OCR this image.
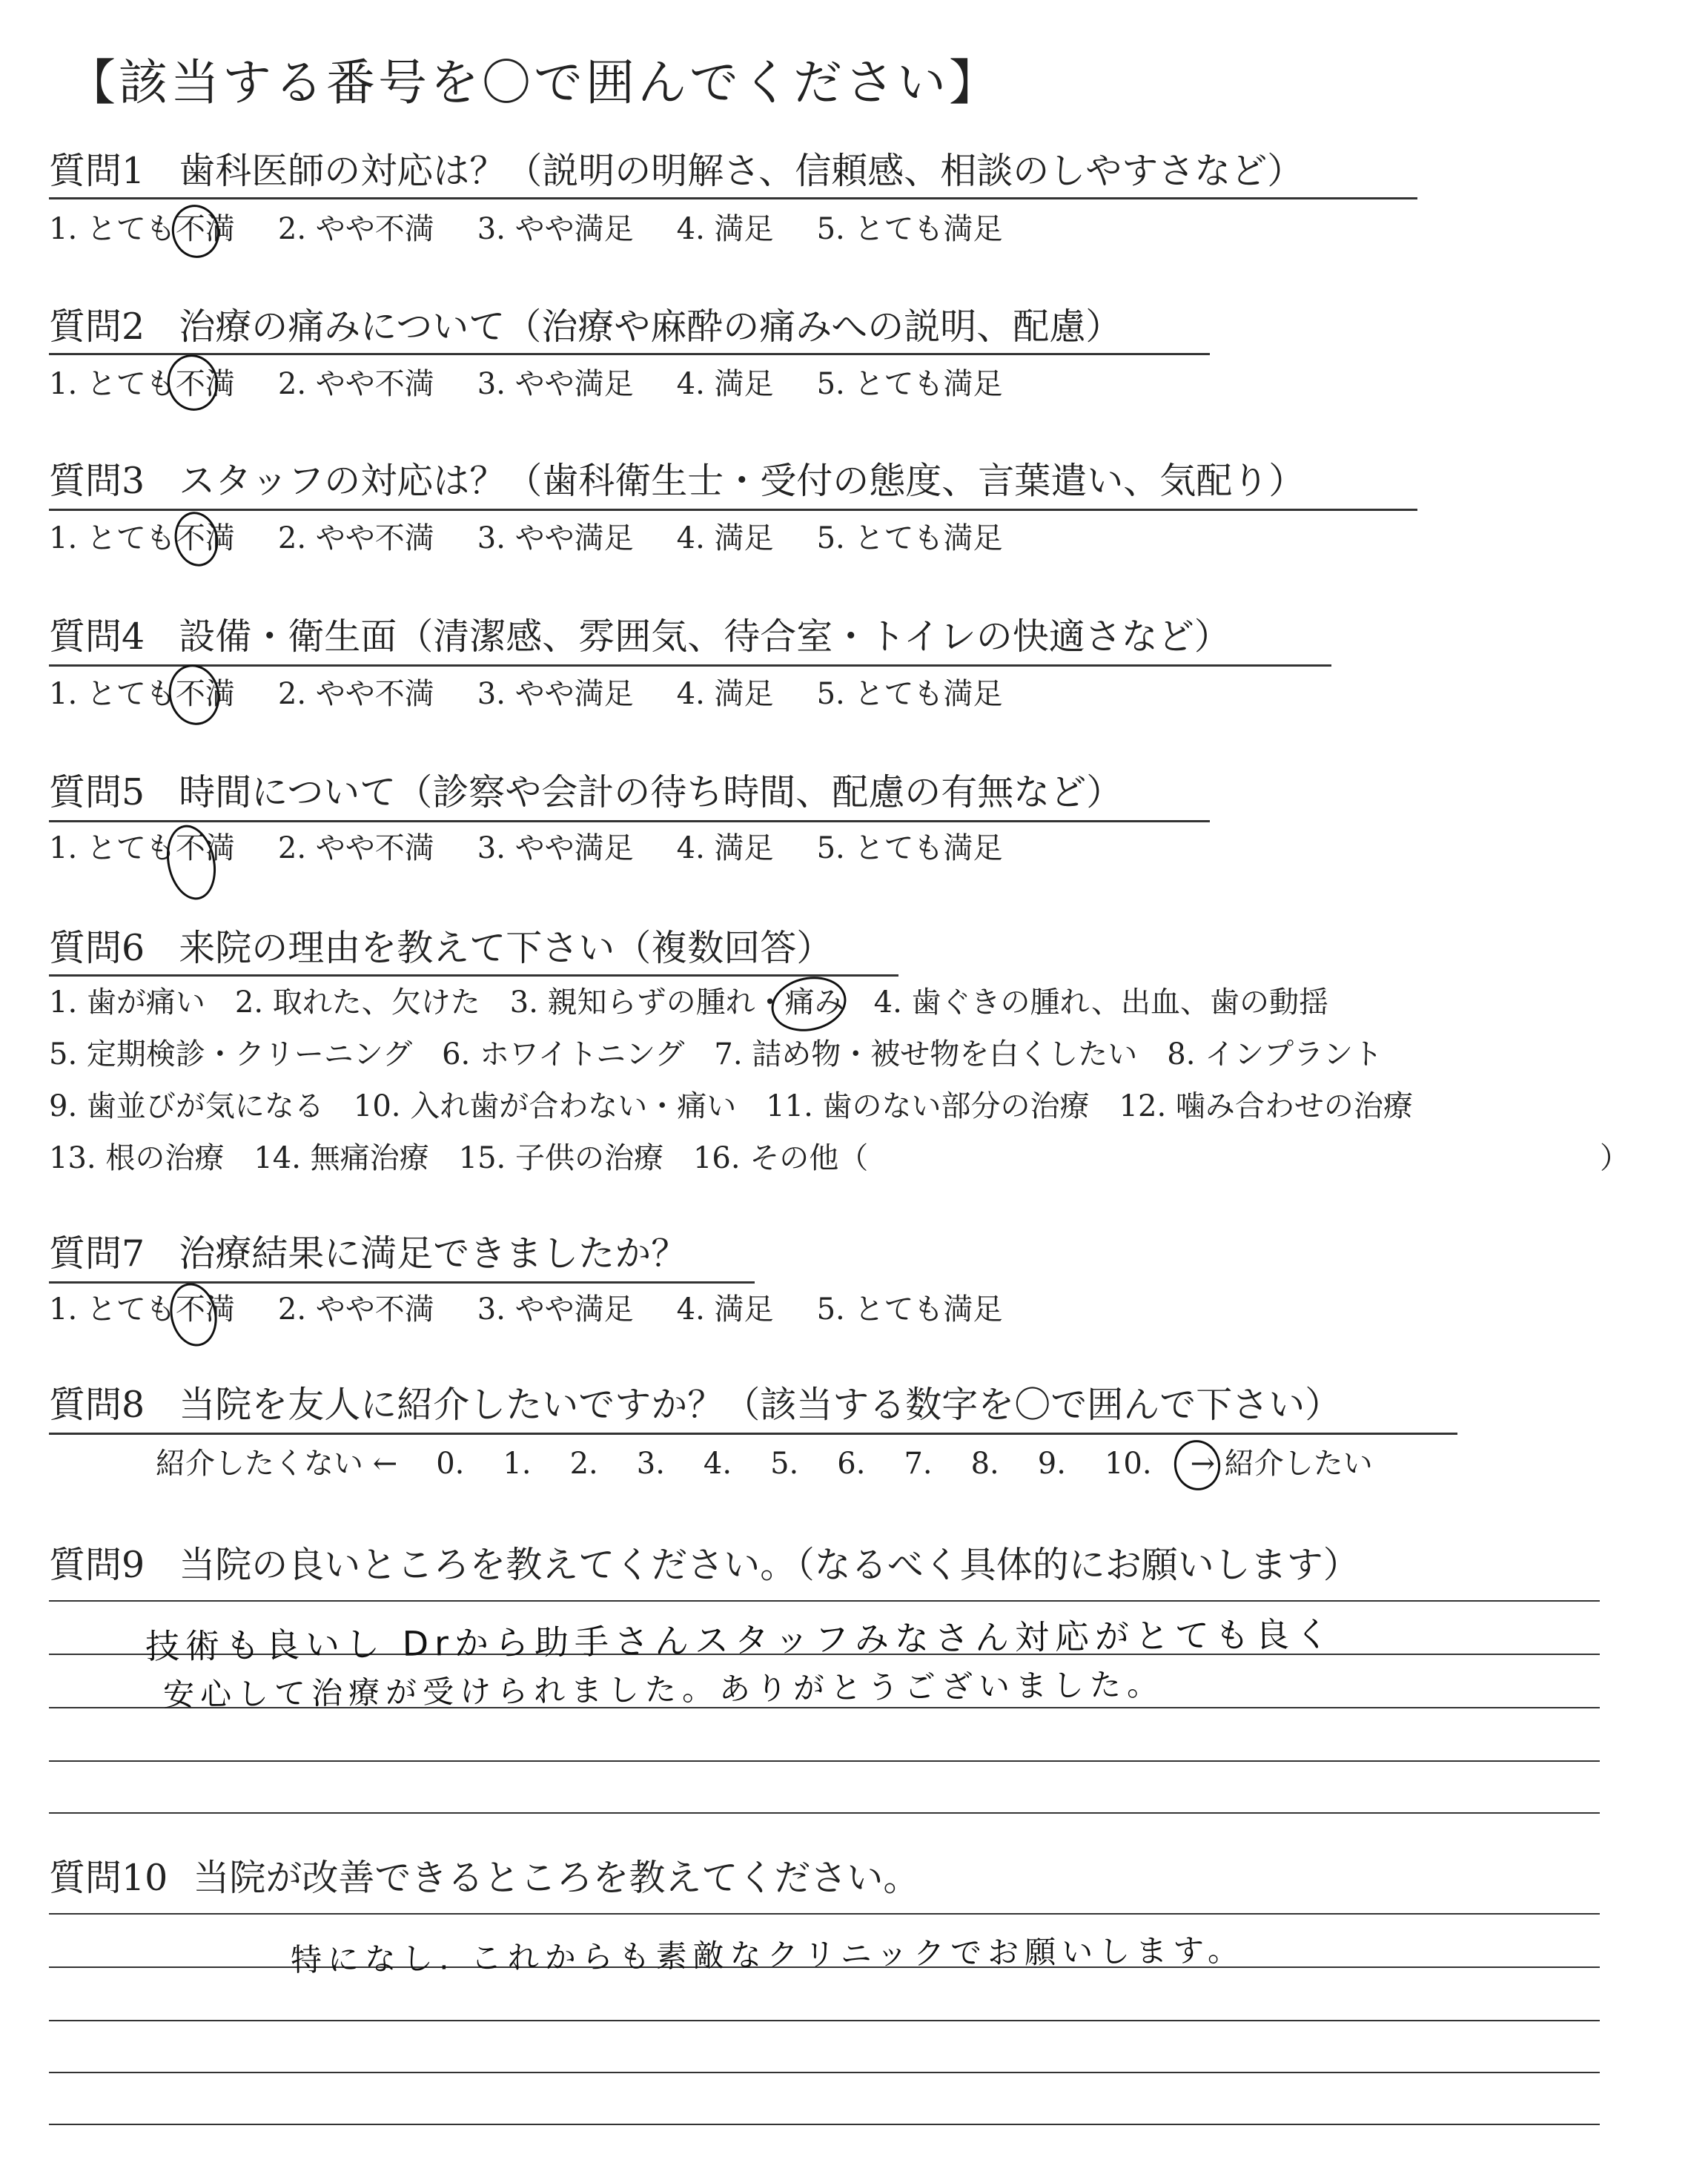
【該当する番号を〇で囲んでください】
質問1 歯科医師の対応は？（説明の明解さ、信頼感、相談のしやすさなど）
1. とても不満 2. やや不満 3. やや満足 4. 満足 5. とても満足
質問2 治療の痛みについて（治療や麻酔の痛みへの説明、配慮）
1. とても不満 2. やや不満 3. やや満足 4. 満足 5. とても満足
質問3 スタッフの対応は？（歯科衛生士・受付の態度、言葉遣い、気配り）
1. とても不満 2. やや不満 3. やや満足 4. 満足 5. とても満足
質問4 設備・衛生面（清潔感、雰囲気、待合室・トイレの快適さなど）
1. とても不満 2. やや不満 3. やや満足 4. 満足 5. とても満足
質問5 時間について（診察や会計の待ち時間、配慮の有無など）
1. とても不満 2. やや不満 3. やや満足 4. 満足 5. とても満足
質問6 来院の理由を教えて下さい（複数回答）
1. 歯が痛い 2. 取れた、欠けた 3. 親知らずの腫れ・痛み 4. 歯ぐきの腫れ、出血、歯の動揺
5. 定期検診・クリーニング 6. ホワイトニング 7. 詰め物・被せ物を白くしたい 8. インプラント
9. 歯並びが気になる 10. 入れ歯が合わない・痛い 11. 歯のない部分の治療 12. 噛み合わせの治療
13. 根の治療 14. 無痛治療 15. 子供の治療 16. その他（	）
質問7 治療結果に満足できましたか？
1. とても不満 2. やや不満 3. やや満足 4. 満足 5. とても満足
質問8 当院を友人に紹介したいですか？（該当する数字を〇で囲んで下さい）
紹介したくない ← 0. 1. 2. 3. 4. 5. 6. 7. 8. 9. 10. → 紹介したい
質問9 当院の良いところを教えてください。（なるべく具体的にお願いします）
技術も良いし Drから助手さんスタッフみなさん対応がとても良く
安心して治療が受けられました。ありがとうございました。
質問10 当院が改善できるところを教えてください。
特になし. これからも素敵なクリニックでお願いします。
